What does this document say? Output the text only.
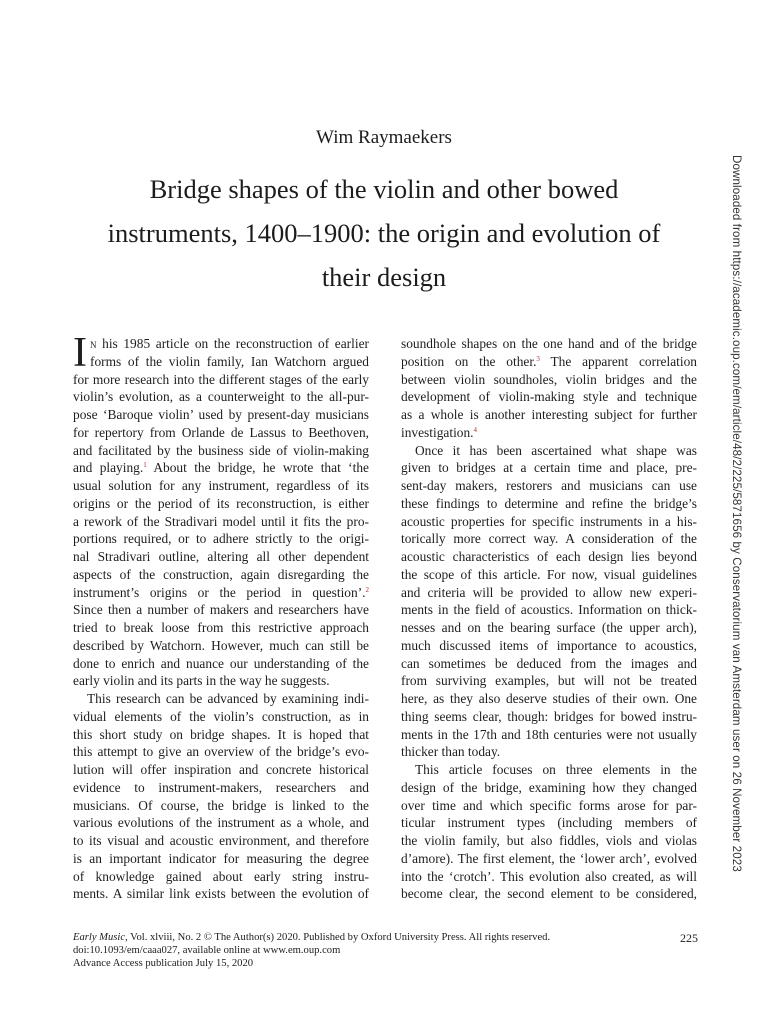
Wim Raymaekers
Bridge shapes of the violin and other bowed
instruments, 1400–1900: the origin and evolution of
their design
I n his 1985 article on the reconstruction of earlier
forms of the violin family, Ian Watchorn argued
for more research into the different stages of the early
violin’s evolution, as a counterweight to the all-pur-
pose ‘Baroque violin’ used by present-day musicians
for repertory from Orlande de Lassus to Beethoven,
and facilitated by the business side of violin-making
and playing.$^1$ About the bridge, he wrote that ‘the
usual solution for any instrument, regardless of its
origins or the period of its reconstruction, is either
a rework of the Stradivari model until it fits the pro-
portions required, or to adhere strictly to the origi-
nal Stradivari outline, altering all other dependent
aspects of the construction, again disregarding the
instrument’s origins or the period in question’.$^2$
Since then a number of makers and researchers have
tried to break loose from this restrictive approach
described by Watchorn. However, much can still be
done to enrich and nuance our understanding of the
early violin and its parts in the way he suggests.
This research can be advanced by examining indi-
vidual elements of the violin’s construction, as in
this short study on bridge shapes. It is hoped that
this attempt to give an overview of the bridge’s evo-
lution will offer inspiration and concrete historical
evidence to instrument-makers, researchers and
musicians. Of course, the bridge is linked to the
various evolutions of the instrument as a whole, and
to its visual and acoustic environment, and therefore
is an important indicator for measuring the degree
of knowledge gained about early string instru-
ments. A similar link exists between the evolution of
soundhole shapes on the one hand and of the bridge
position on the other.$^3$ The apparent correlation
between violin soundholes, violin bridges and the
development of violin-making style and technique
as a whole is another interesting subject for further
investigation.$^4$
Once it has been ascertained what shape was
given to bridges at a certain time and place, pre-
sent-day makers, restorers and musicians can use
these findings to determine and refine the bridge’s
acoustic properties for specific instruments in a his-
torically more correct way. A consideration of the
acoustic characteristics of each design lies beyond
the scope of this article. For now, visual guidelines
and criteria will be provided to allow new experi-
ments in the field of acoustics. Information on thick-
nesses and on the bearing surface (the upper arch),
much discussed items of importance to acoustics,
can sometimes be deduced from the images and
from surviving examples, but will not be treated
here, as they also deserve studies of their own. One
thing seems clear, though: bridges for bowed instru-
ments in the 17th and 18th centuries were not usually
thicker than today.
This article focuses on three elements in the
design of the bridge, examining how they changed
over time and which specific forms arose for par-
ticular instrument types (including members of
the violin family, but also fiddles, viols and violas
d’amore). The first element, the ‘lower arch’, evolved
into the ‘crotch’. This evolution also created, as will
become clear, the second element to be considered,
Early Music, Vol. xlviii, No. 2 © The Author(s) 2020. Published by Oxford University Press. All rights reserved.
doi:10.1093/em/caaa027, available online at www.em.oup.com
Advance Access publication July 15, 2020
225
Downloaded from https://academic.oup.com/em/article/48/2/225/5871656 by Conservatorium van Amsterdam user on 26 November 2023
